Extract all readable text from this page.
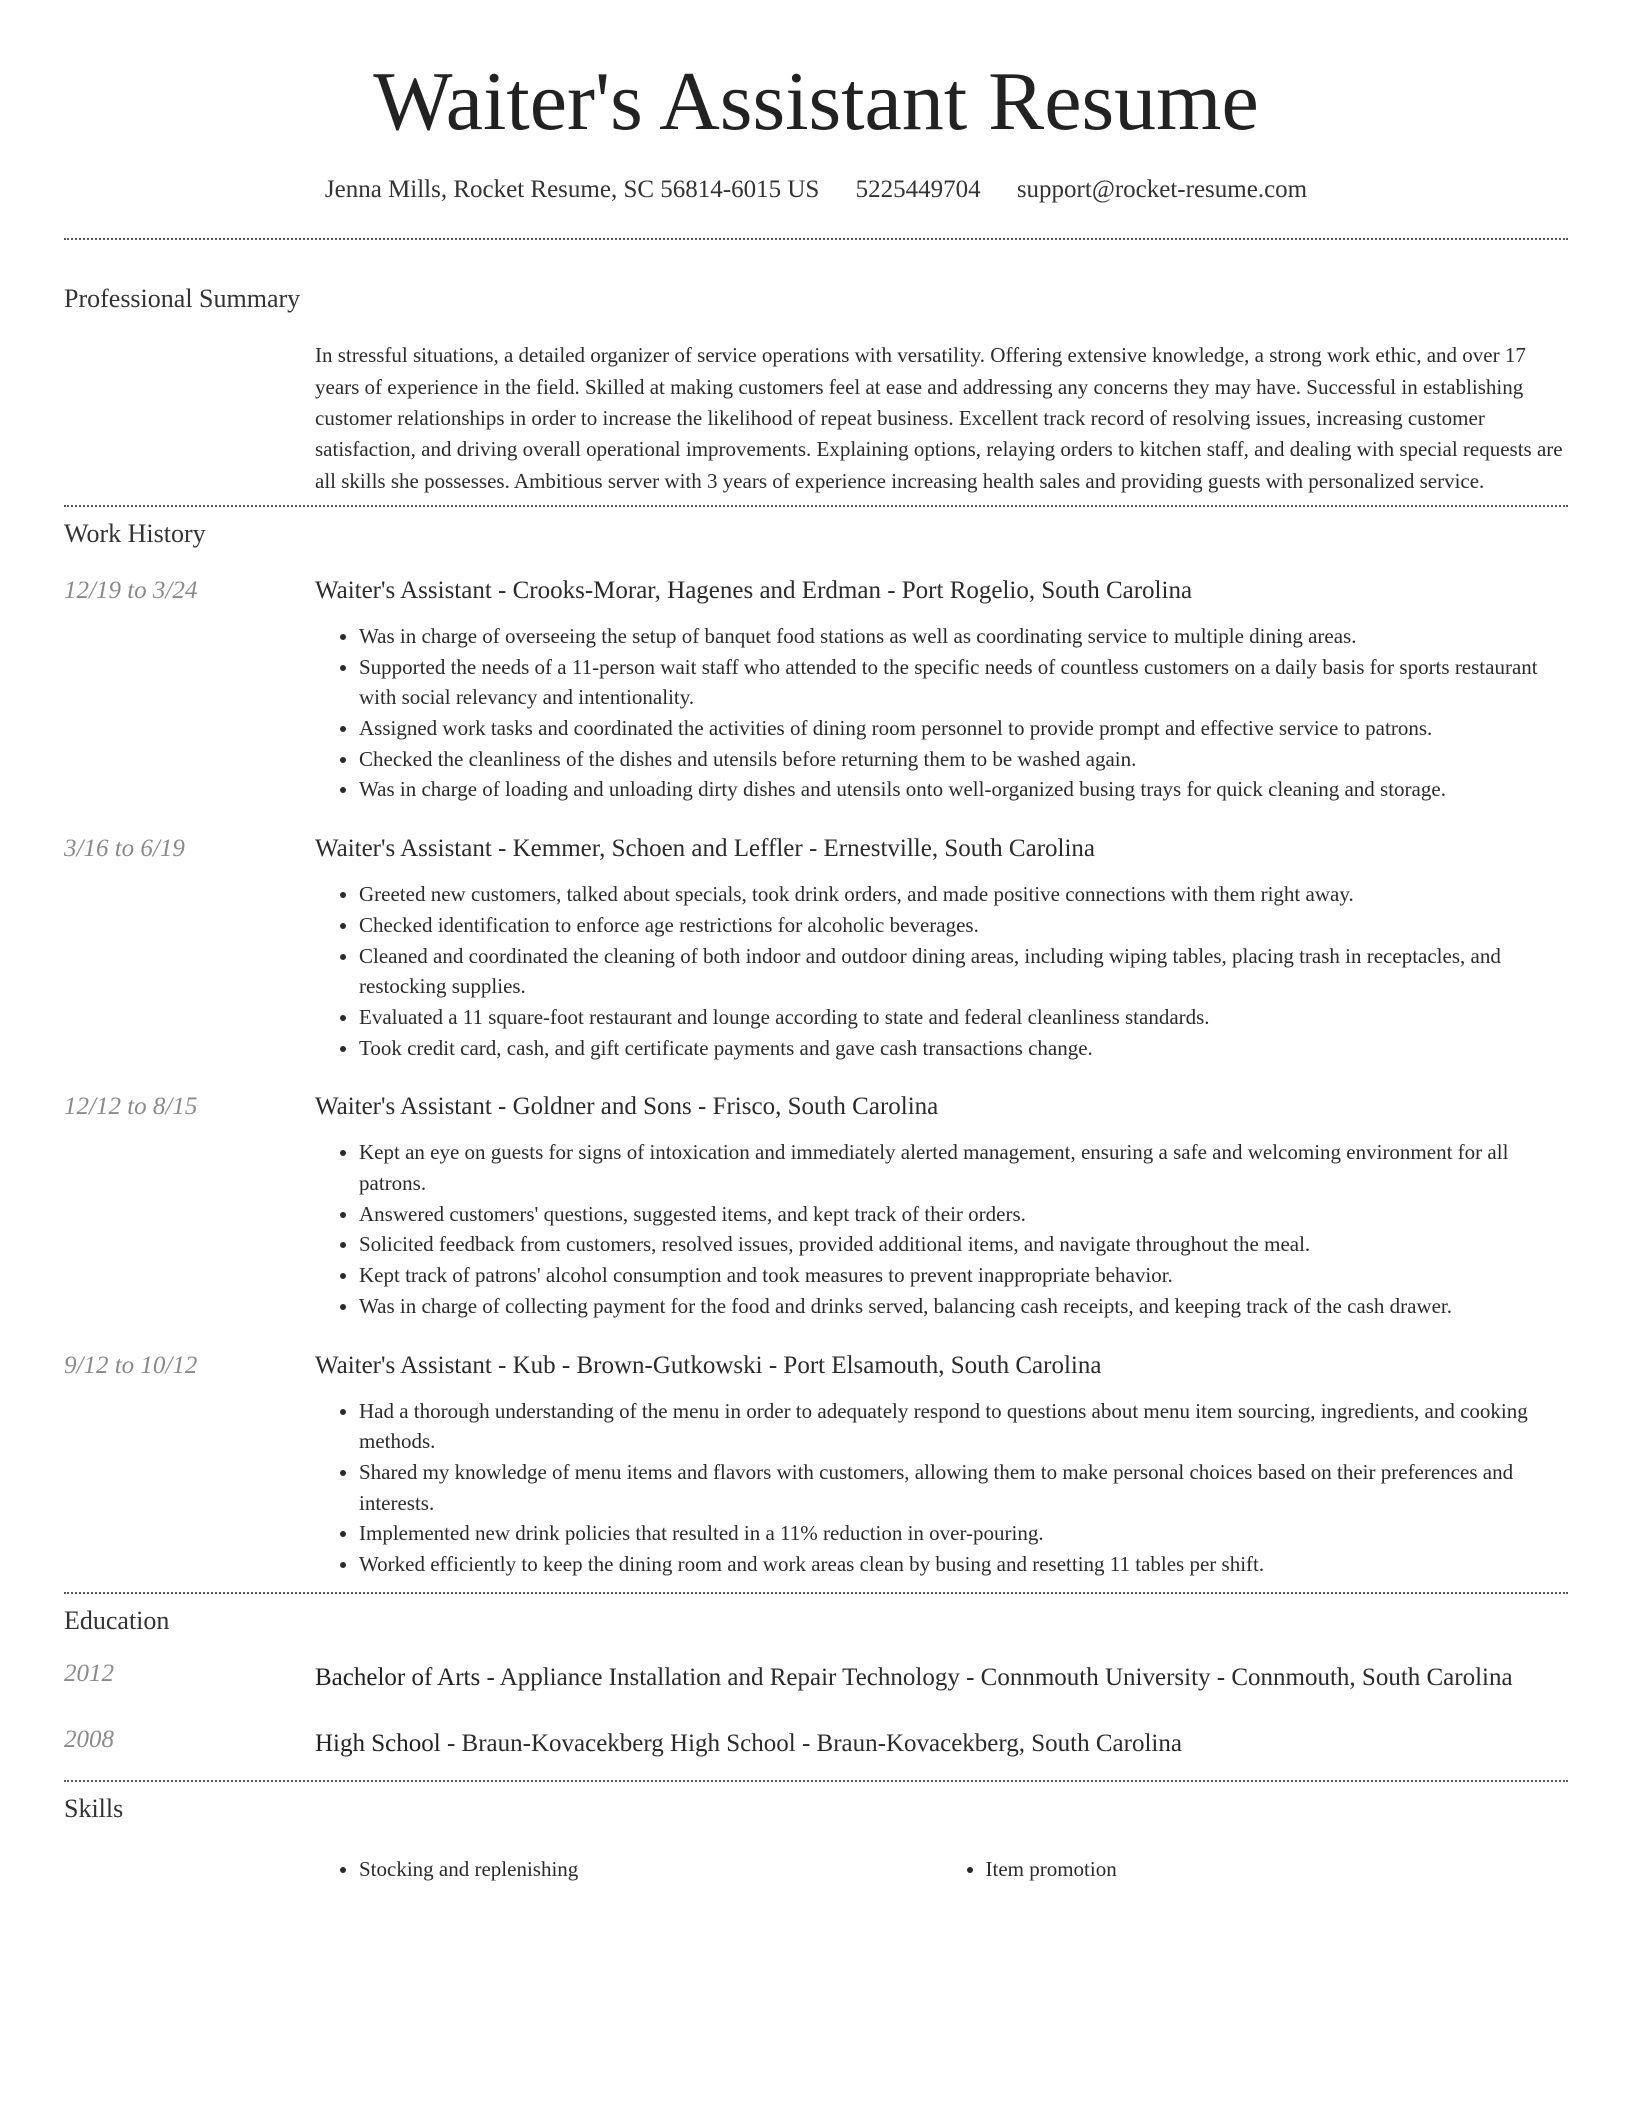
Waiter's Assistant Resume
Jenna Mills, Rocket Resume, SC 56814-6015 US 5225449704 support@rocket-resume.com
Professional Summary

In stressful situations, a detailed organizer of service operations with versatility. Offering extensive knowledge, a strong work ethic, and over 17 years of experience in the field. Skilled at making customers feel at ease and addressing any concerns they may have. Successful in establishing customer relationships in order to increase the likelihood of repeat business. Excellent track record of resolving issues, increasing customer satisfaction, and driving overall operational improvements. Explaining options, relaying orders to kitchen staff, and dealing with special requests are all skills she possesses. Ambitious server with 3 years of experience increasing health sales and providing guests with personalized service.

Work History
12/19 to 3/24	Waiter's Assistant - Crooks-Morar, Hagenes and Erdman - Port Rogelio, South Carolina
• Was in charge of overseeing the setup of banquet food stations as well as coordinating service to multiple dining areas.
• Supported the needs of a 11-person wait staff who attended to the specific needs of countless customers on a daily basis for sports restaurant with social relevancy and intentionality.
• Assigned work tasks and coordinated the activities of dining room personnel to provide prompt and effective service to patrons.
• Checked the cleanliness of the dishes and utensils before returning them to be washed again.
• Was in charge of loading and unloading dirty dishes and utensils onto well-organized busing trays for quick cleaning and storage.
3/16 to 6/19	Waiter's Assistant - Kemmer, Schoen and Leffler - Ernestville, South Carolina
• Greeted new customers, talked about specials, took drink orders, and made positive connections with them right away.
• Checked identification to enforce age restrictions for alcoholic beverages.
• Cleaned and coordinated the cleaning of both indoor and outdoor dining areas, including wiping tables, placing trash in receptacles, and restocking supplies.
• Evaluated a 11 square-foot restaurant and lounge according to state and federal cleanliness standards.
• Took credit card, cash, and gift certificate payments and gave cash transactions change.
12/12 to 8/15	Waiter's Assistant - Goldner and Sons - Frisco, South Carolina
• Kept an eye on guests for signs of intoxication and immediately alerted management, ensuring a safe and welcoming environment for all patrons.
• Answered customers' questions, suggested items, and kept track of their orders.
• Solicited feedback from customers, resolved issues, provided additional items, and navigate throughout the meal.
• Kept track of patrons' alcohol consumption and took measures to prevent inappropriate behavior.
• Was in charge of collecting payment for the food and drinks served, balancing cash receipts, and keeping track of the cash drawer.
9/12 to 10/12	Waiter's Assistant - Kub - Brown-Gutkowski - Port Elsamouth, South Carolina
• Had a thorough understanding of the menu in order to adequately respond to questions about menu item sourcing, ingredients, and cooking methods.
• Shared my knowledge of menu items and flavors with customers, allowing them to make personal choices based on their preferences and interests.
• Implemented new drink policies that resulted in a 11% reduction in over-pouring.
• Worked efficiently to keep the dining room and work areas clean by busing and resetting 11 tables per shift.
Education
2012	Bachelor of Arts - Appliance Installation and Repair Technology - Connmouth University - Connmouth, South Carolina
2008	High School - Braun-Kovacekberg High School - Braun-Kovacekberg, South Carolina
Skills
• Stocking and replenishing
•	Item promotion
